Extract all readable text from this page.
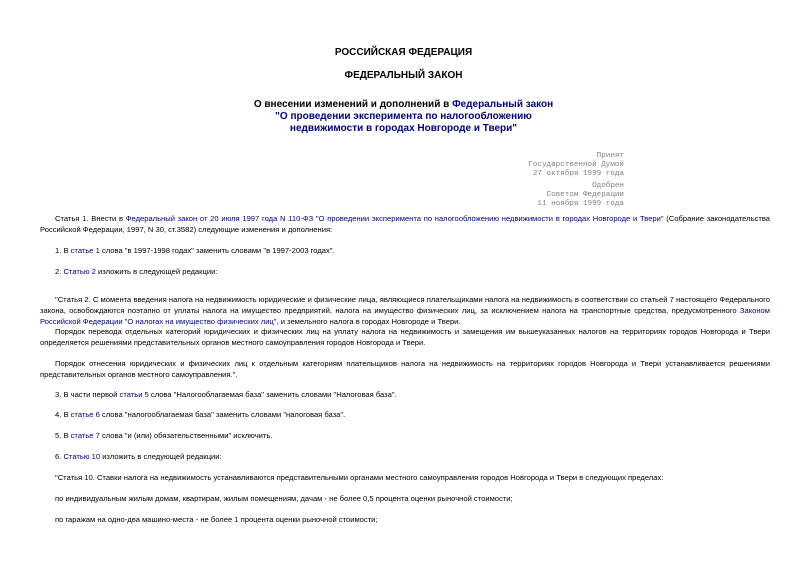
РОССИЙСКАЯ ФЕДЕРАЦИЯ
ФЕДЕРАЛЬНЫЙ ЗАКОН
О внесении изменений и дополнений в Федеральный закон
"О проведении эксперимента по налогообложению
недвижимости в городах Новгороде и Твери"
Принят
Государственной Думой
27 октября 1999 года
Одобрен
Советом Федерации
11 ноября 1999 года
Статья 1. Внести в Федеральный закон от 20 июля 1997 года N 110-ФЗ "О проведении эксперимента по налогообложению недвижимости в городах Новгороде и Твери" (Собрание законодательства Российской Федерации, 1997, N 30, ст.3582) следующие изменения и дополнения:
1. В статье 1 слова "в 1997-1998 годах" заменить словами "в 1997-2003 годах".
2. Статью 2 изложить в следующей редакции:
"Статья 2. С момента введения налога на недвижимость юридические и физические лица, являющиеся плательщиками налога на недвижимость в соответствии со статьей 7 настоящего Федерального закона, освобождаются поэтапно от уплаты налога на имущество предприятий, налога на имущество физических лиц, за исключением налога на транспортные средства, предусмотренного Законом Российской Федерации "О налогах на имущество физических лиц", и земельного налога в городах Новгороде и Твери.
Порядок перевода отдельных категорий юридических и физических лиц на уплату налога на недвижимость и замещения им вышеуказанных налогов на территориях городов Новгорода и Твери определяется решениями представительных органов местного самоуправления городов Новгорода и Твери.
Порядок отнесения юридических и физических лиц к отдельным категориям плательщиков налога на недвижимость на территориях городов Новгорода и Твери устанавливается решениями представительных органов местного самоуправления.".
3. В части первой статьи 5 слова "Налогооблагаемая база" заменить словами "Налоговая база".
4. В статье 6 слова "налогооблагаемая база" заменить словами "налоговая база".
5. В статье 7 слова "и (или) обязательственными" исключить.
6. Статью 10 изложить в следующей редакции:
"Статья 10. Ставки налога на недвижимость устанавливаются представительными органами местного самоуправления городов Новгорода и Твери в следующих пределах:
по индивидуальным жилым домам, квартирам, жилым помещениям, дачам - не более 0,5 процента оценки рыночной стоимости;
по гаражам на одно-два машино-места - не более 1 процента оценки рыночной стоимости;
